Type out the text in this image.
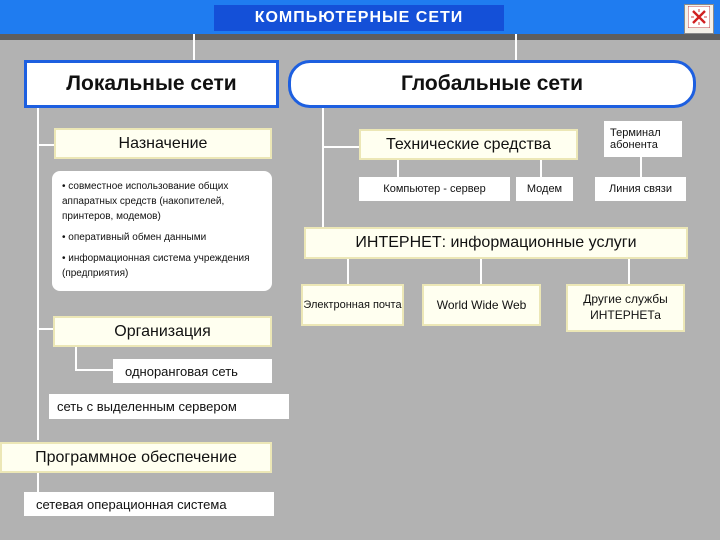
КОМПЬЮТЕРНЫЕ СЕТИ
Локальные сети	Глобальные сети
Назначение
• совместное использование общих аппаратных средств (накопителей, принтеров, модемов)
• оперативный обмен данными
• информационная система учреждения (предприятия)
Организация
одноранговая сеть
сеть с выделенным сервером
Программное обеспечение
сетевая операционная система
Технические средства
Терминал абонента
Компьютер - сервер	Модем	Линия связи
ИНТЕРНЕТ: информационные услуги
Электронная почта	World Wide Web	Другие службы ИНТЕРНЕТа
